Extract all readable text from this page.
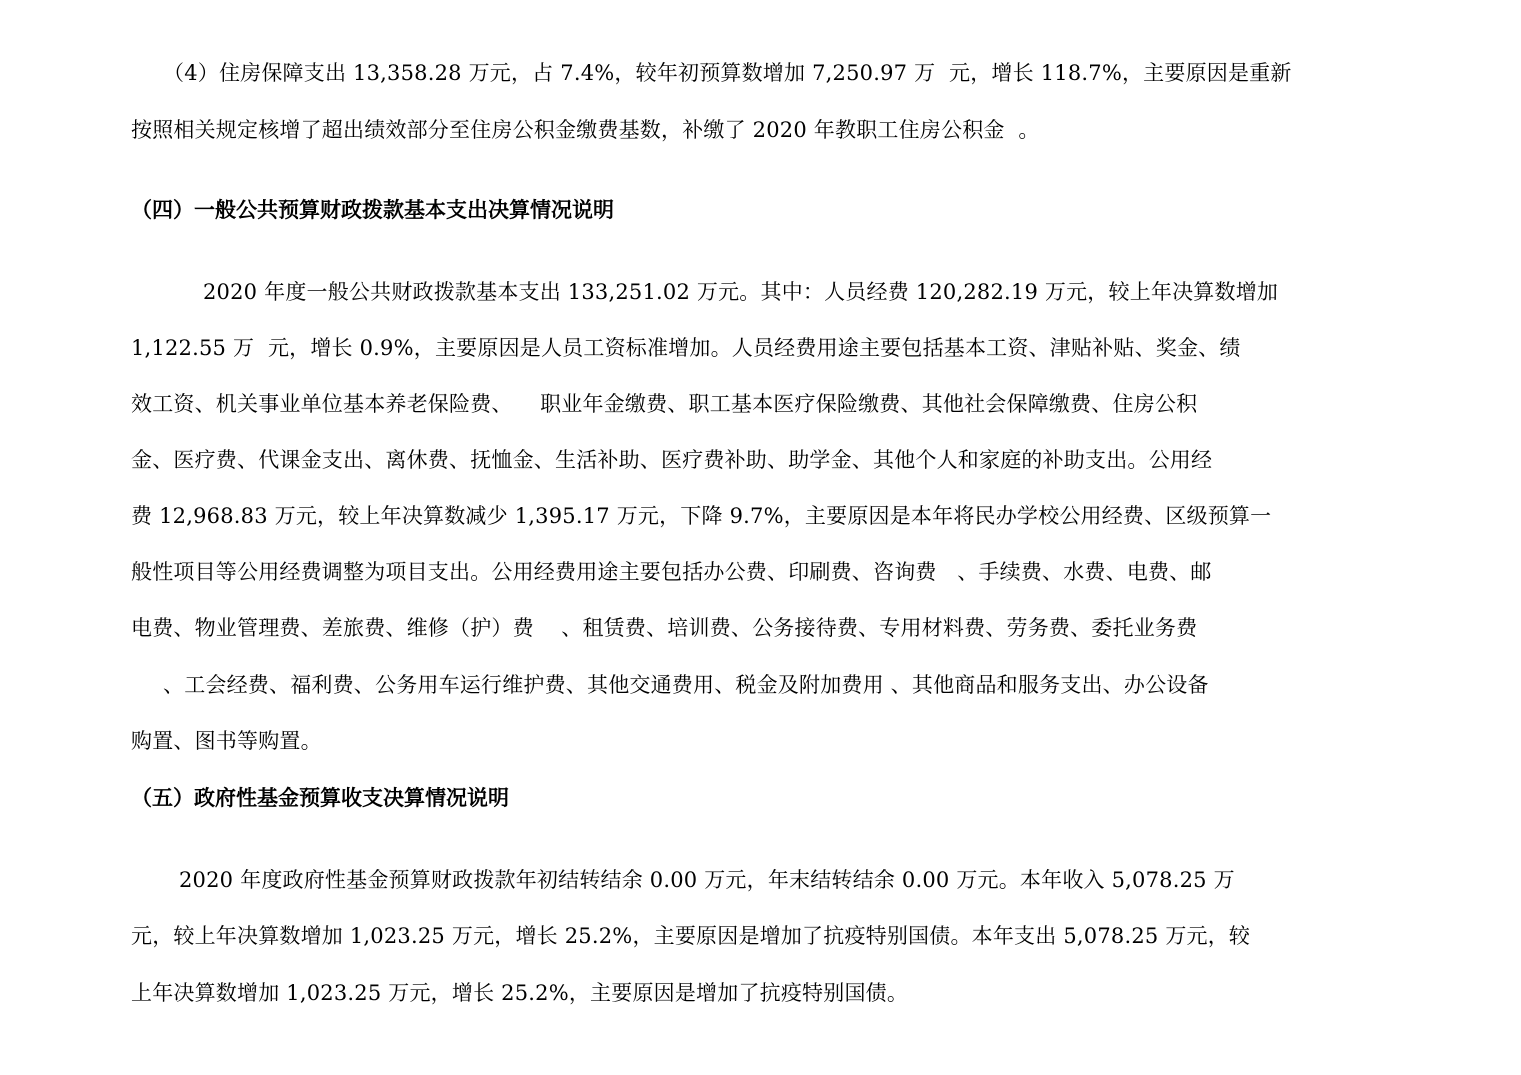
（4）住房保障支出 13,358.28 万元，占 7.4%，较年初预算数增加 7,250.97 万  元，增长 118.7%，主要原因是重新
按照相关规定核增了超出绩效部分至住房公积金缴费基数，补缴了 2020 年教职工住房公积金  。
（四）一般公共预算财政拨款基本支出决算情况说明
2020 年度一般公共财政拨款基本支出 133,251.02 万元。其中：人员经费 120,282.19 万元，较上年决算数增加
1,122.55 万  元，增长 0.9%，主要原因是人员工资标准增加。人员经费用途主要包括基本工资、津贴补贴、奖金、绩
效工资、机关事业单位基本养老保险费、    职业年金缴费、职工基本医疗保险缴费、其他社会保障缴费、住房公积
金、医疗费、代课金支出、离休费、抚恤金、生活补助、医疗费补助、助学金、其他个人和家庭的补助支出。公用经
费 12,968.83 万元，较上年决算数减少 1,395.17 万元，下降 9.7%，主要原因是本年将民办学校公用经费、区级预算一
般性项目等公用经费调整为项目支出。公用经费用途主要包括办公费、印刷费、咨询费   、手续费、水费、电费、邮
电费、物业管理费、差旅费、维修（护）费    、租赁费、培训费、公务接待费、专用材料费、劳务费、委托业务费
、工会经费、福利费、公务用车运行维护费、其他交通费用、税金及附加费用 、其他商品和服务支出、办公设备
购置、图书等购置。
（五）政府性基金预算收支决算情况说明
2020 年度政府性基金预算财政拨款年初结转结余 0.00 万元，年末结转结余 0.00 万元。本年收入 5,078.25 万
元，较上年决算数增加 1,023.25 万元，增长 25.2%，主要原因是增加了抗疫特别国债。本年支出 5,078.25 万元，较
上年决算数增加 1,023.25 万元，增长 25.2%，主要原因是增加了抗疫特别国债。
